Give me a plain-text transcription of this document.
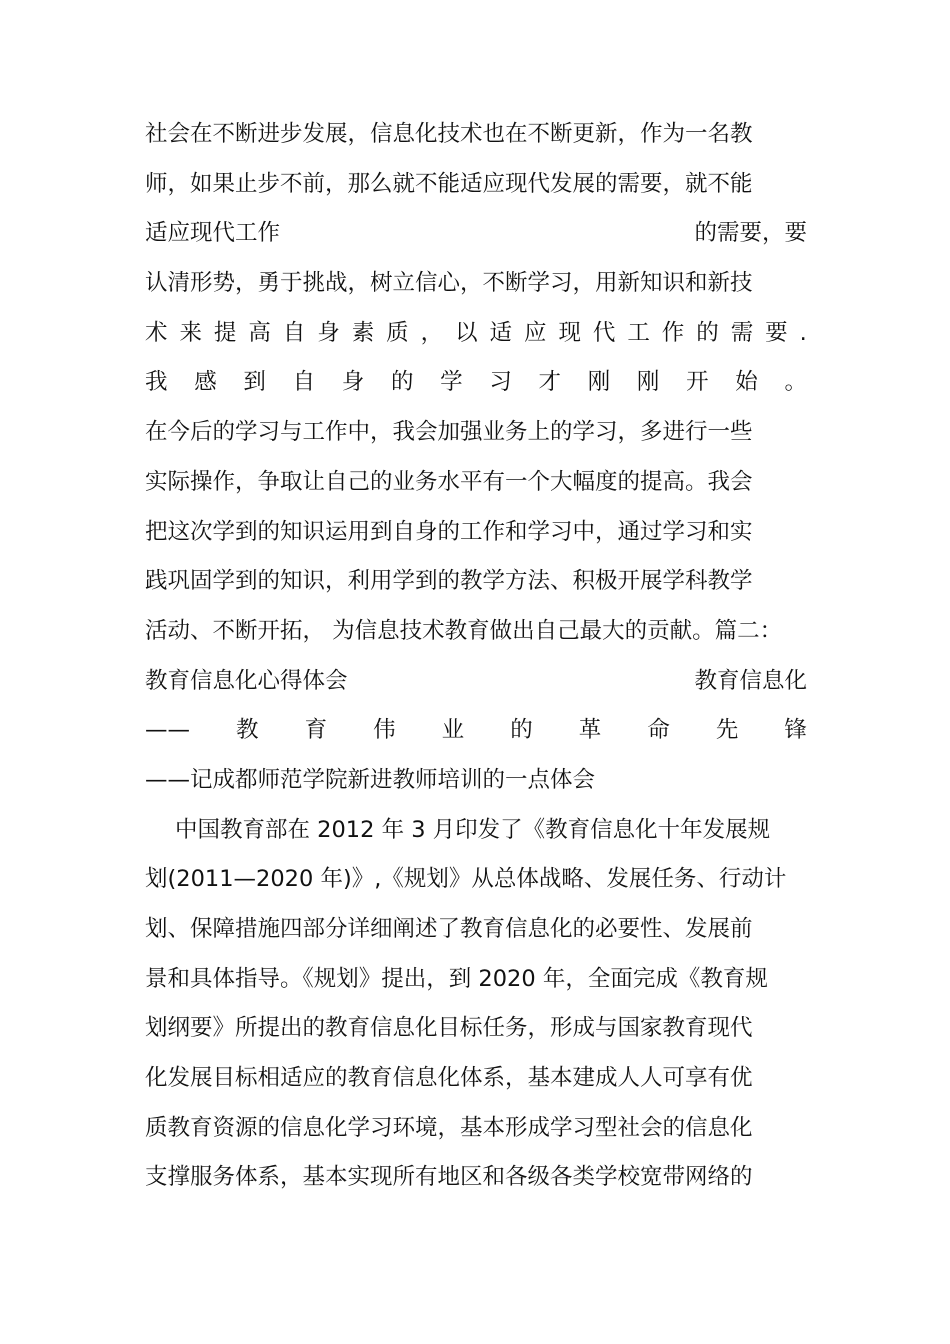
社会在不断进步发展，信息化技术也在不断更新，作为一名教
师，如果止步不前，那么就不能适应现代发展的需要，就不能
适应现代工作	的需要，要
认清形势，勇于挑战，树立信心，不断学习，用新知识和新技
术 来 提 高 自 身 素 质 ， 以 适 应 现 代 工 作 的 需 要 .
我 感 到 自 身 的 学 习 才 刚 刚 开 始 。
在今后的学习与工作中，我会加强业务上的学习，多进行一些
实际操作，争取让自己的业务水平有一个大幅度的提高。我会
把这次学到的知识运用到自身的工作和学习中，通过学习和实
践巩固学到的知识，利用学到的教学方法、积极开展学科教学
活动、不断开拓， 为信息技术教育做出自己最大的贡献。篇二：
教育信息化心得体会	教育信息化
—— 教 育 伟 业 的 革 命 先 锋
——记成都师范学院新进教师培训的一点体会
中国教育部在 2012 年 3 月印发了《教育信息化十年发展规
划(2011—2020 年)》,《规划》从总体战略、发展任务、行动计
划、保障措施四部分详细阐述了教育信息化的必要性、发展前
景和具体指导。《规划》提出，到 2020 年，全面完成《教育规
划纲要》所提出的教育信息化目标任务，形成与国家教育现代
化发展目标相适应的教育信息化体系，基本建成人人可享有优
质教育资源的信息化学习环境，基本形成学习型社会的信息化
支撑服务体系，基本实现所有地区和各级各类学校宽带网络的
